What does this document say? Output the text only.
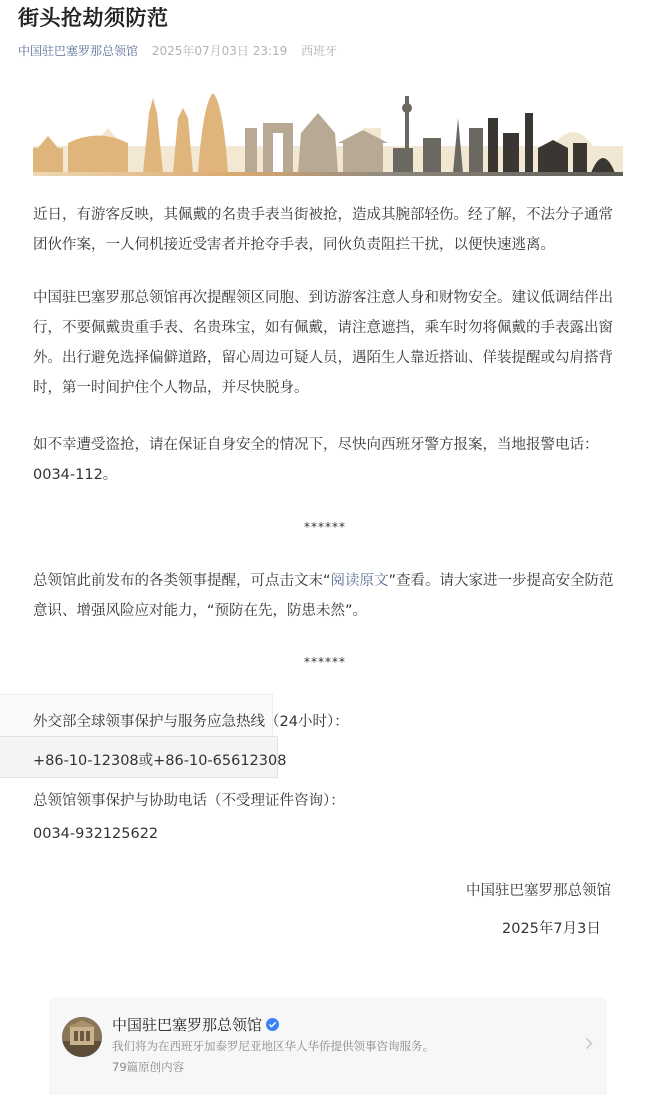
街头抢劫须防范
中国驻巴塞罗那总领馆 2025年07月03日 23:19 西班牙
近日，有游客反映，其佩戴的名贵手表当街被抢，造成其腕部轻伤。经了解，不法分子通常团伙作案，一人伺机接近受害者并抢夺手表，同伙负责阻拦干扰，以便快速逃离。
中国驻巴塞罗那总领馆再次提醒领区同胞、到访游客注意人身和财物安全。建议低调结伴出行，不要佩戴贵重手表、名贵珠宝，如有佩戴，请注意遮挡，乘车时勿将佩戴的手表露出窗外。出行避免选择偏僻道路，留心周边可疑人员，遇陌生人靠近搭讪、佯装提醒或勾肩搭背时，第一时间护住个人物品，并尽快脱身。
如不幸遭受盗抢，请在保证自身安全的情况下，尽快向西班牙警方报案，当地报警电话：0034-112。
******
总领馆此前发布的各类领事提醒，可点击文末“阅读原文”查看。请大家进一步提高安全防范意识、增强风险应对能力，“预防在先，防患未然”。
******
外交部全球领事保护与服务应急热线（24小时）：
+86-10-12308或+86-10-65612308
总领馆领事保护与协助电话（不受理证件咨询）：
0034-932125622
中国驻巴塞罗那总领馆
2025年7月3日
中国驻巴塞罗那总领馆
我们将为在西班牙加泰罗尼亚地区华人华侨提供领事咨询服务。
79篇原创内容
